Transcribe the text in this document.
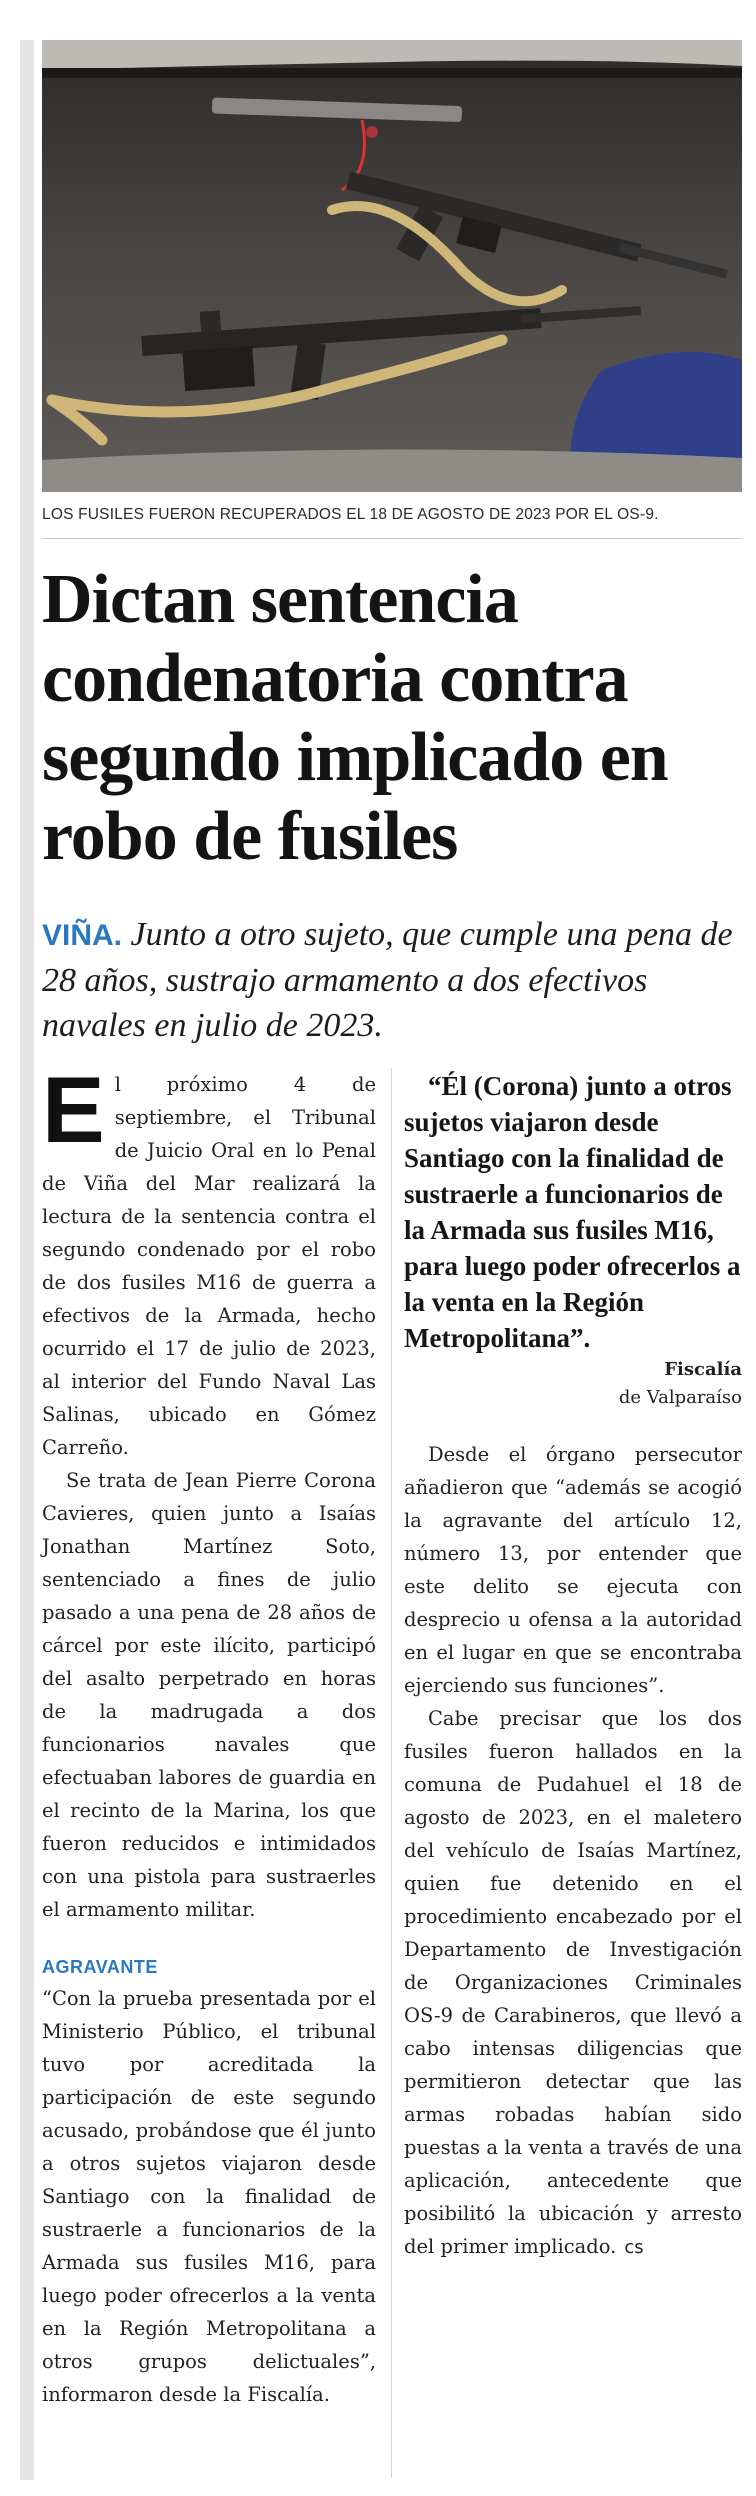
LOS FUSILES FUERON RECUPERADOS EL 18 DE AGOSTO DE 2023 POR EL OS-9.
Dictan sentencia condenatoria contra segundo implicado en robo de fusiles

VIÑA. Junto a otro sujeto, que cumple una pena de 28 años, sustrajo armamento a dos efectivos navales en julio de 2023.

El próximo 4 de septiembre, el Tribunal de Juicio Oral en lo Penal de Viña del Mar realizará la lectura de la sentencia contra el segundo condenado por el robo de dos fusiles M16 de guerra a efectivos de la Armada, hecho ocurrido el 17 de julio de 2023, al interior del Fundo Naval Las Salinas, ubicado en Gómez Carreño.

Se trata de Jean Pierre Corona Cavieres, quien junto a Isaías Jonathan Martínez Soto, sentenciado a fines de julio pasado a una pena de 28 años de cárcel por este ilícito, participó del asalto perpetrado en horas de la madrugada a dos funcionarios navales que efectuaban labores de guardia en el recinto de la Marina, los que fueron reducidos e intimidados con una pistola para sustraerles el armamento militar.

AGRAVANTE

“Con la prueba presentada por el Ministerio Público, el tribunal tuvo por acreditada la participación de este segundo acusado, probándose que él junto a otros sujetos viajaron desde Santiago con la finalidad de sustraerle a funcionarios de la Armada sus fusiles M16, para luego poder ofrecerlos a la venta en la Región Metropolitana a otros grupos delictuales”, informaron desde la Fiscalía.

“Él (Corona) junto a otros sujetos viajaron desde Santiago con la finalidad de sustraerle a funcionarios de la Armada sus fusiles M16, para luego poder ofrecerlos a la venta en la Región Metropolitana”.

Fiscalía
de Valparaíso

Desde el órgano persecutor añadieron que “además se acogió la agravante del artículo 12, número 13, por entender que este delito se ejecuta con desprecio u ofensa a la autoridad en el lugar en que se encontraba ejerciendo sus funciones”.

Cabe precisar que los dos fusiles fueron hallados en la comuna de Pudahuel el 18 de agosto de 2023, en el maletero del vehículo de Isaías Martínez, quien fue detenido en el procedimiento encabezado por el Departamento de Investigación de Organizaciones Criminales OS-9 de Carabineros, que llevó a cabo intensas diligencias que permitieron detectar que las armas robadas habían sido puestas a la venta a través de una aplicación, antecedente que posibilitó la ubicación y arresto del primer implicado. cs
